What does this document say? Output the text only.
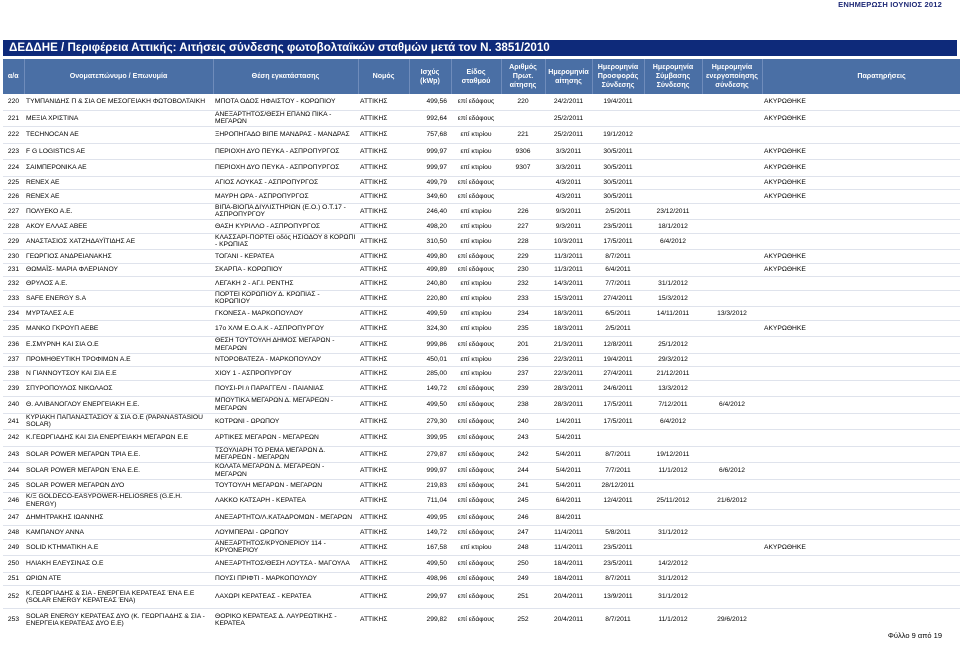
ΕΝΗΜΕΡΩΣΗ ΙΟΥΝΙΟΣ 2012
ΔΕΔΔΗΕ / Περιφέρεια Αττικής: Αιτήσεις σύνδεσης φωτοβολταϊκών σταθμών μετά τον Ν. 3851/2010
α/α	Ονοματεπώνυμο / Επωνυμία	Θέση εγκατάστασης	Νομός	Ισχύς (kWp)	Είδος σταθμού	Αριθμός Πρωτ. αίτησης	Ημερομηνία αίτησης	Ημερομηνία Προσφοράς Σύνδεσης	Ημερομηνία Σύμβασης Σύνδεσης	Ημερομηνία ενεργοποίησης σύνδεσης	Παρατηρήσεις
220	ΤΥΜΠΑΝΙΔΗΣ Π & ΣΙΑ ΟΕ ΜΕΣΟΓΕΙΑΚΗ ΦΩΤΟΒΟΛΤΑΙΚΗ	ΜΠΟΤΑ ΟΔΟΣ ΗΦΑΙΣΤΟΥ - ΚΟΡΩΠΙΟΥ	ΑΤΤΙΚΗΣ	499,56	επί εδάφους	220	24/2/2011	19/4/2011			ΑΚΥΡΩΘΗΚΕ
221	ΜΕΞΙΑ ΧΡΙΣΤΙΝΑ	ΑΝΕΞΑΡΤΗΤΟΣ/ΘΕΣΗ ΕΠΑΝΩ ΠΙΚΑ - ΜΕΓΑΡΩΝ	ΑΤΤΙΚΗΣ	992,64	επί εδάφους		25/2/2011				ΑΚΥΡΩΘΗΚΕ
222	TECHNOCAN AE	ΞΗΡΟΠΗΓΑΔΟ ΒΙΠΕ ΜΑΝΔΡΑΣ - ΜΑΝΔΡΑΣ	ΑΤΤΙΚΗΣ	757,68	επί κτιρίου	221	25/2/2011	19/1/2012			
223	F G LOGISTICS AE	ΠΕΡΙΟΧΗ ΔΥΟ ΠΕΥΚΑ - ΑΣΠΡΟΠΥΡΓΟΣ	ΑΤΤΙΚΗΣ	999,97	επί κτιρίου	9306	3/3/2011	30/5/2011			ΑΚΥΡΩΘΗΚΕ
224	ΣΑΙΜΠΕΡΟΝΙΚΑ ΑΕ	ΠΕΡΙΟΧΗ ΔΥΟ ΠΕΥΚΑ - ΑΣΠΡΟΠΥΡΓΟΣ	ΑΤΤΙΚΗΣ	999,97	επί κτιρίου	9307	3/3/2011	30/5/2011			ΑΚΥΡΩΘΗΚΕ
225	RENEX AE	ΑΓΙΟΣ ΛΟΥΚΑΣ - ΑΣΠΡΟΠΥΡΓΟΣ	ΑΤΤΙΚΗΣ	499,79	επί εδάφους		4/3/2011	30/5/2011			ΑΚΥΡΩΘΗΚΕ
226	RENEX AE	ΜΑΥΡΗ ΩΡΑ - ΑΣΠΡΟΠΥΡΓΟΣ	ΑΤΤΙΚΗΣ	349,60	επί εδάφους		4/3/2011	30/5/2011			ΑΚΥΡΩΘΗΚΕ
227	ΠΟΛΥΕΚΟ Α.Ε.	ΒΙΠΑ-ΒΙΟΠΑ ΔΙΥΛΙΣΤΗΡΙΩΝ (Ε.Ο.) Ο.Τ.17 - ΑΣΠΡΟΠΥΡΓΟΥ	ΑΤΤΙΚΗΣ	246,40	επί κτιρίου	226	9/3/2011	2/5/2011	23/12/2011		
228	ΑΚΟΥ ΕΛΛΑΣ ΑΒΕΕ	ΘΑΣΗ ΚΥΡΙΛΛΟ - ΑΣΠΡΟΠΥΡΓΟΣ	ΑΤΤΙΚΗΣ	498,20	επί κτιρίου	227	9/3/2011	23/5/2011	18/1/2012		
229	ΑΝΑΣΤΑΣΙΟΣ ΧΑΤΖΗΔΑΥΪΤΙΔΗΣ ΑΕ	ΚΛΑΣΣΑΡΙ-ΠΟΡΤΕΙ οδός ΗΣΙΟΔΟΥ 8 ΚΟΡΩΠΙ - ΚΡΩΠΙΑΣ	ΑΤΤΙΚΗΣ	310,50	επί κτιρίου	228	10/3/2011	17/5/2011	6/4/2012		
230	ΓΕΩΡΓΙΟΣ ΑΝΔΡΕΙΑΝΑΚΗΣ	ΤΟΓΑΝΙ - ΚΕΡΑΤΕΑ	ΑΤΤΙΚΗΣ	499,80	επί εδάφους	229	11/3/2011	8/7/2011			ΑΚΥΡΩΘΗΚΕ
231	ΘΩΜΑΪΣ- ΜΑΡΙΑ ΦΛΕΡΙΑΝΟΥ	ΣΚΑΡΠΑ - ΚΟΡΩΠΙΟΥ	ΑΤΤΙΚΗΣ	499,89	επί εδάφους	230	11/3/2011	6/4/2011			ΑΚΥΡΩΘΗΚΕ
232	ΘΡΥΛΟΣ Α.Ε.	ΛΕΓΑΚΗ 2 - ΑΓ.Ι. ΡΕΝΤΗΣ	ΑΤΤΙΚΗΣ	240,80	επί κτιρίου	232	14/3/2011	7/7/2011	31/1/2012		
233	SAFE ENERGY S.A	ΠΟΡΤΕΙ ΚΟΡΩΠΙΟΥ Δ. ΚΡΩΠΙΑΣ - ΚΟΡΩΠΙΟΥ	ΑΤΤΙΚΗΣ	220,80	επί κτιρίου	233	15/3/2011	27/4/2011	15/3/2012		
234	ΜΥΡΤΑΛΕΣ Α.Ε	ΓΚΟΝΕΣΑ - ΜΑΡΚΟΠΟΥΛΟΥ	ΑΤΤΙΚΗΣ	499,59	επί κτιρίου	234	18/3/2011	6/5/2011	14/11/2011	13/3/2012	
235	ΜΑΝΚΟ ΓΚΡΟΥΠ ΑΕΒΕ	17ο ΧΛΜ Ε.Ο.Α.Κ - ΑΣΠΡΟΠΥΡΓΟΥ	ΑΤΤΙΚΗΣ	324,30	επί κτιρίου	235	18/3/2011	2/5/2011			ΑΚΥΡΩΘΗΚΕ
236	Ε.ΣΜΥΡΝΗ ΚΑΙ ΣΙΑ Ο.Ε	ΘΕΣΗ ΤΟΥΤΟΥΛΗ ΔΗΜΟΣ ΜΕΓΑΡΩΝ - ΜΕΓΑΡΩΝ	ΑΤΤΙΚΗΣ	999,86	επί εδάφους	201	21/3/2011	12/8/2011	25/1/2012		
237	ΠΡΟΜΗΘΕΥΤΙΚΗ ΤΡΟΦΙΜΩΝ Α.Ε	ΝΤΟΡΟΒΑΤΕΖΑ - ΜΑΡΚΟΠΟΥΛΟΥ	ΑΤΤΙΚΗΣ	450,01	επί κτιρίου	236	22/3/2011	19/4/2011	29/3/2012		
238	Ν ΓΙΑΝΝΟΥΤΣΟΥ ΚΑΙ ΣΙΑ Ε.Ε	ΧΙΟΥ 1 - ΑΣΠΡΟΠΥΡΓΟΥ	ΑΤΤΙΚΗΣ	285,00	επί κτιρίου	237	22/3/2011	27/4/2011	21/12/2011		
239	ΣΠΥΡΟΠΟΥΛΟΣ ΝΙΚΟΛΑΟΣ	ΠΟΥΣΙ-ΡΙ /ι ΠΑΡΑΓΓΕΛΙ - ΠΑΙΑΝΙΑΣ	ΑΤΤΙΚΗΣ	149,72	επί εδάφους	239	28/3/2011	24/6/2011	13/3/2012		
240	Θ. ΑΛΙΒΑΝΟΓΛΟΥ ΕΝΕΡΓΕΙΑΚΗ Ε.Ε.	ΜΠΟΥΤΙΚΑ ΜΕΓΑΡΩΝ Δ. ΜΕΓΑΡΕΩΝ - ΜΕΓΑΡΩΝ	ΑΤΤΙΚΗΣ	499,50	επί εδάφους	238	28/3/2011	17/5/2011	7/12/2011	6/4/2012	
241	ΚΥΡΙΑΚΗ ΠΑΠΑΝΑΣΤΑΣΙΟΥ & ΣΙΑ Ο.Ε (PAPANASTASIOU SOLAR)	ΚΟΤΡΩΝΙ - ΩΡΩΠΟΥ	ΑΤΤΙΚΗΣ	279,30	επί εδάφους	240	1/4/2011	17/5/2011	6/4/2012		
242	Κ.ΓΕΩΡΓΙΑΔΗΣ ΚΑΙ ΣΙΑ ΕΝΕΡΓΕΙΑΚΗ ΜΕΓΑΡΩΝ Ε.Ε	ΑΡΤΙΚΕΣ ΜΕΓΑΡΩΝ - ΜΕΓΑΡΕΩΝ	ΑΤΤΙΚΗΣ	399,95	επί εδάφους	243	5/4/2011				
243	SOLAR POWER ΜΕΓΑΡΩΝ ΤΡΙΑ Ε.Ε.	ΤΣΟΥΛΙΑΡΗ ΤΟ ΡΕΜΑ ΜΕΓΑΡΩΝ Δ. ΜΕΓΑΡΕΩΝ - ΜΕΓΑΡΩΝ	ΑΤΤΙΚΗΣ	279,87	επί εδάφους	242	5/4/2011	8/7/2011	19/12/2011		
244	SOLAR POWER ΜΕΓΑΡΩΝ ΈΝΑ Ε.Ε.	ΚΟΛΑΤΑ ΜΕΓΑΡΩΝ Δ. ΜΕΓΑΡΕΩΝ - ΜΕΓΑΡΩΝ	ΑΤΤΙΚΗΣ	999,97	επί εδάφους	244	5/4/2011	7/7/2011	11/1/2012	6/6/2012	
245	SOLAR POWER ΜΕΓΑΡΩΝ ΔΥΟ	ΤΟΥΤΟΥΛΗ ΜΕΓΑΡΩΝ - ΜΕΓΑΡΩΝ	ΑΤΤΙΚΗΣ	219,83	επί εδάφους	241	5/4/2011	28/12/2011			
246	Κ/Ξ GOLDECO-EASYPOWER-HELIOSRES (G.E.H. ENERGY)	ΛΑΚΚΟ ΚΑΤΣΑΡΗ - ΚΕΡΑΤΕΑ	ΑΤΤΙΚΗΣ	711,04	επί εδάφους	245	6/4/2011	12/4/2011	25/11/2012	21/6/2012	
247	ΔΗΜΗΤΡΑΚΗΣ ΙΩΑΝΝΗΣ	ΑΝΕΞΑΡΤΗΤΟ/Λ.ΚΑΤΑΔΡΟΜΩΝ - ΜΕΓΑΡΩΝ	ΑΤΤΙΚΗΣ	499,95	επί εδάφους	246	8/4/2011				
248	ΚΑΜΠΑΝΟΥ ΑΝΝΑ	ΛΟΥΜΠΕΡΔΙ - ΩΡΩΠΟΥ	ΑΤΤΙΚΗΣ	149,72	επί εδάφους	247	11/4/2011	5/8/2011	31/1/2012		
249	SOLID KTHMATIKH A.E	ΑΝΕΞΑΡΤΗΤΟΣ/ΚΡΥΟΝΕΡΙΟΥ 114 - ΚΡΥΟΝΕΡΙΟΥ	ΑΤΤΙΚΗΣ	167,58	επί κτιρίου	248	11/4/2011	23/5/2011			ΑΚΥΡΩΘΗΚΕ
250	ΗΛΙΑΚΗ ΕΛΕΥΣΙΝΑΣ Ο.Ε	ΑΝΕΞΑΡΤΗΤΟΣ/ΘΕΣΗ ΛΟΥΤΣΑ - ΜΑΓΟΥΛΑ	ΑΤΤΙΚΗΣ	499,50	επί εδάφους	250	18/4/2011	23/5/2011	14/2/2012		
251	ΩΡΙΩΝ ΑΤΕ	ΠΟΥΣΙ ΠΡΙΦΤΙ - ΜΑΡΚΟΠΟΥΛΟΥ	ΑΤΤΙΚΗΣ	498,96	επί εδάφους	249	18/4/2011	8/7/2011	31/1/2012		
252	Κ.ΓΕΩΡΓΙΑΔΗΣ & ΣΙΑ - ΕΝΕΡΓΕΙΑ ΚΕΡΑΤΕΑΣ ΈΝΑ Ε.Ε (SOLAR ENERGY ΚΕΡΑΤΕΑΣ ΈΝΑ)	ΛΑΧΩΡΙ ΚΕΡΑΤΕΑΣ - ΚΕΡΑΤΕΑ	ΑΤΤΙΚΗΣ	299,97	επί εδάφους	251	20/4/2011	13/9/2011	31/1/2012		
253	SOLAR ENERGY ΚΕΡΑΤΕΑΣ ΔΥΟ (Κ. ΓΕΩΡΓΙΑΔΗΣ & ΣΙΑ - ΕΝΕΡΓΕΙΑ ΚΕΡΑΤΕΑΣ ΔΥΟ Ε.Ε)	ΘΟΡΙΚΟ ΚΕΡΑΤΕΑΣ Δ. ΛΑΥΡΕΩΤΙΚΗΣ - ΚΕΡΑΤΕΑ	ΑΤΤΙΚΗΣ	299,82	επί εδάφους	252	20/4/2011	8/7/2011	11/1/2012	29/6/2012	
Φύλλο 9 από 19
